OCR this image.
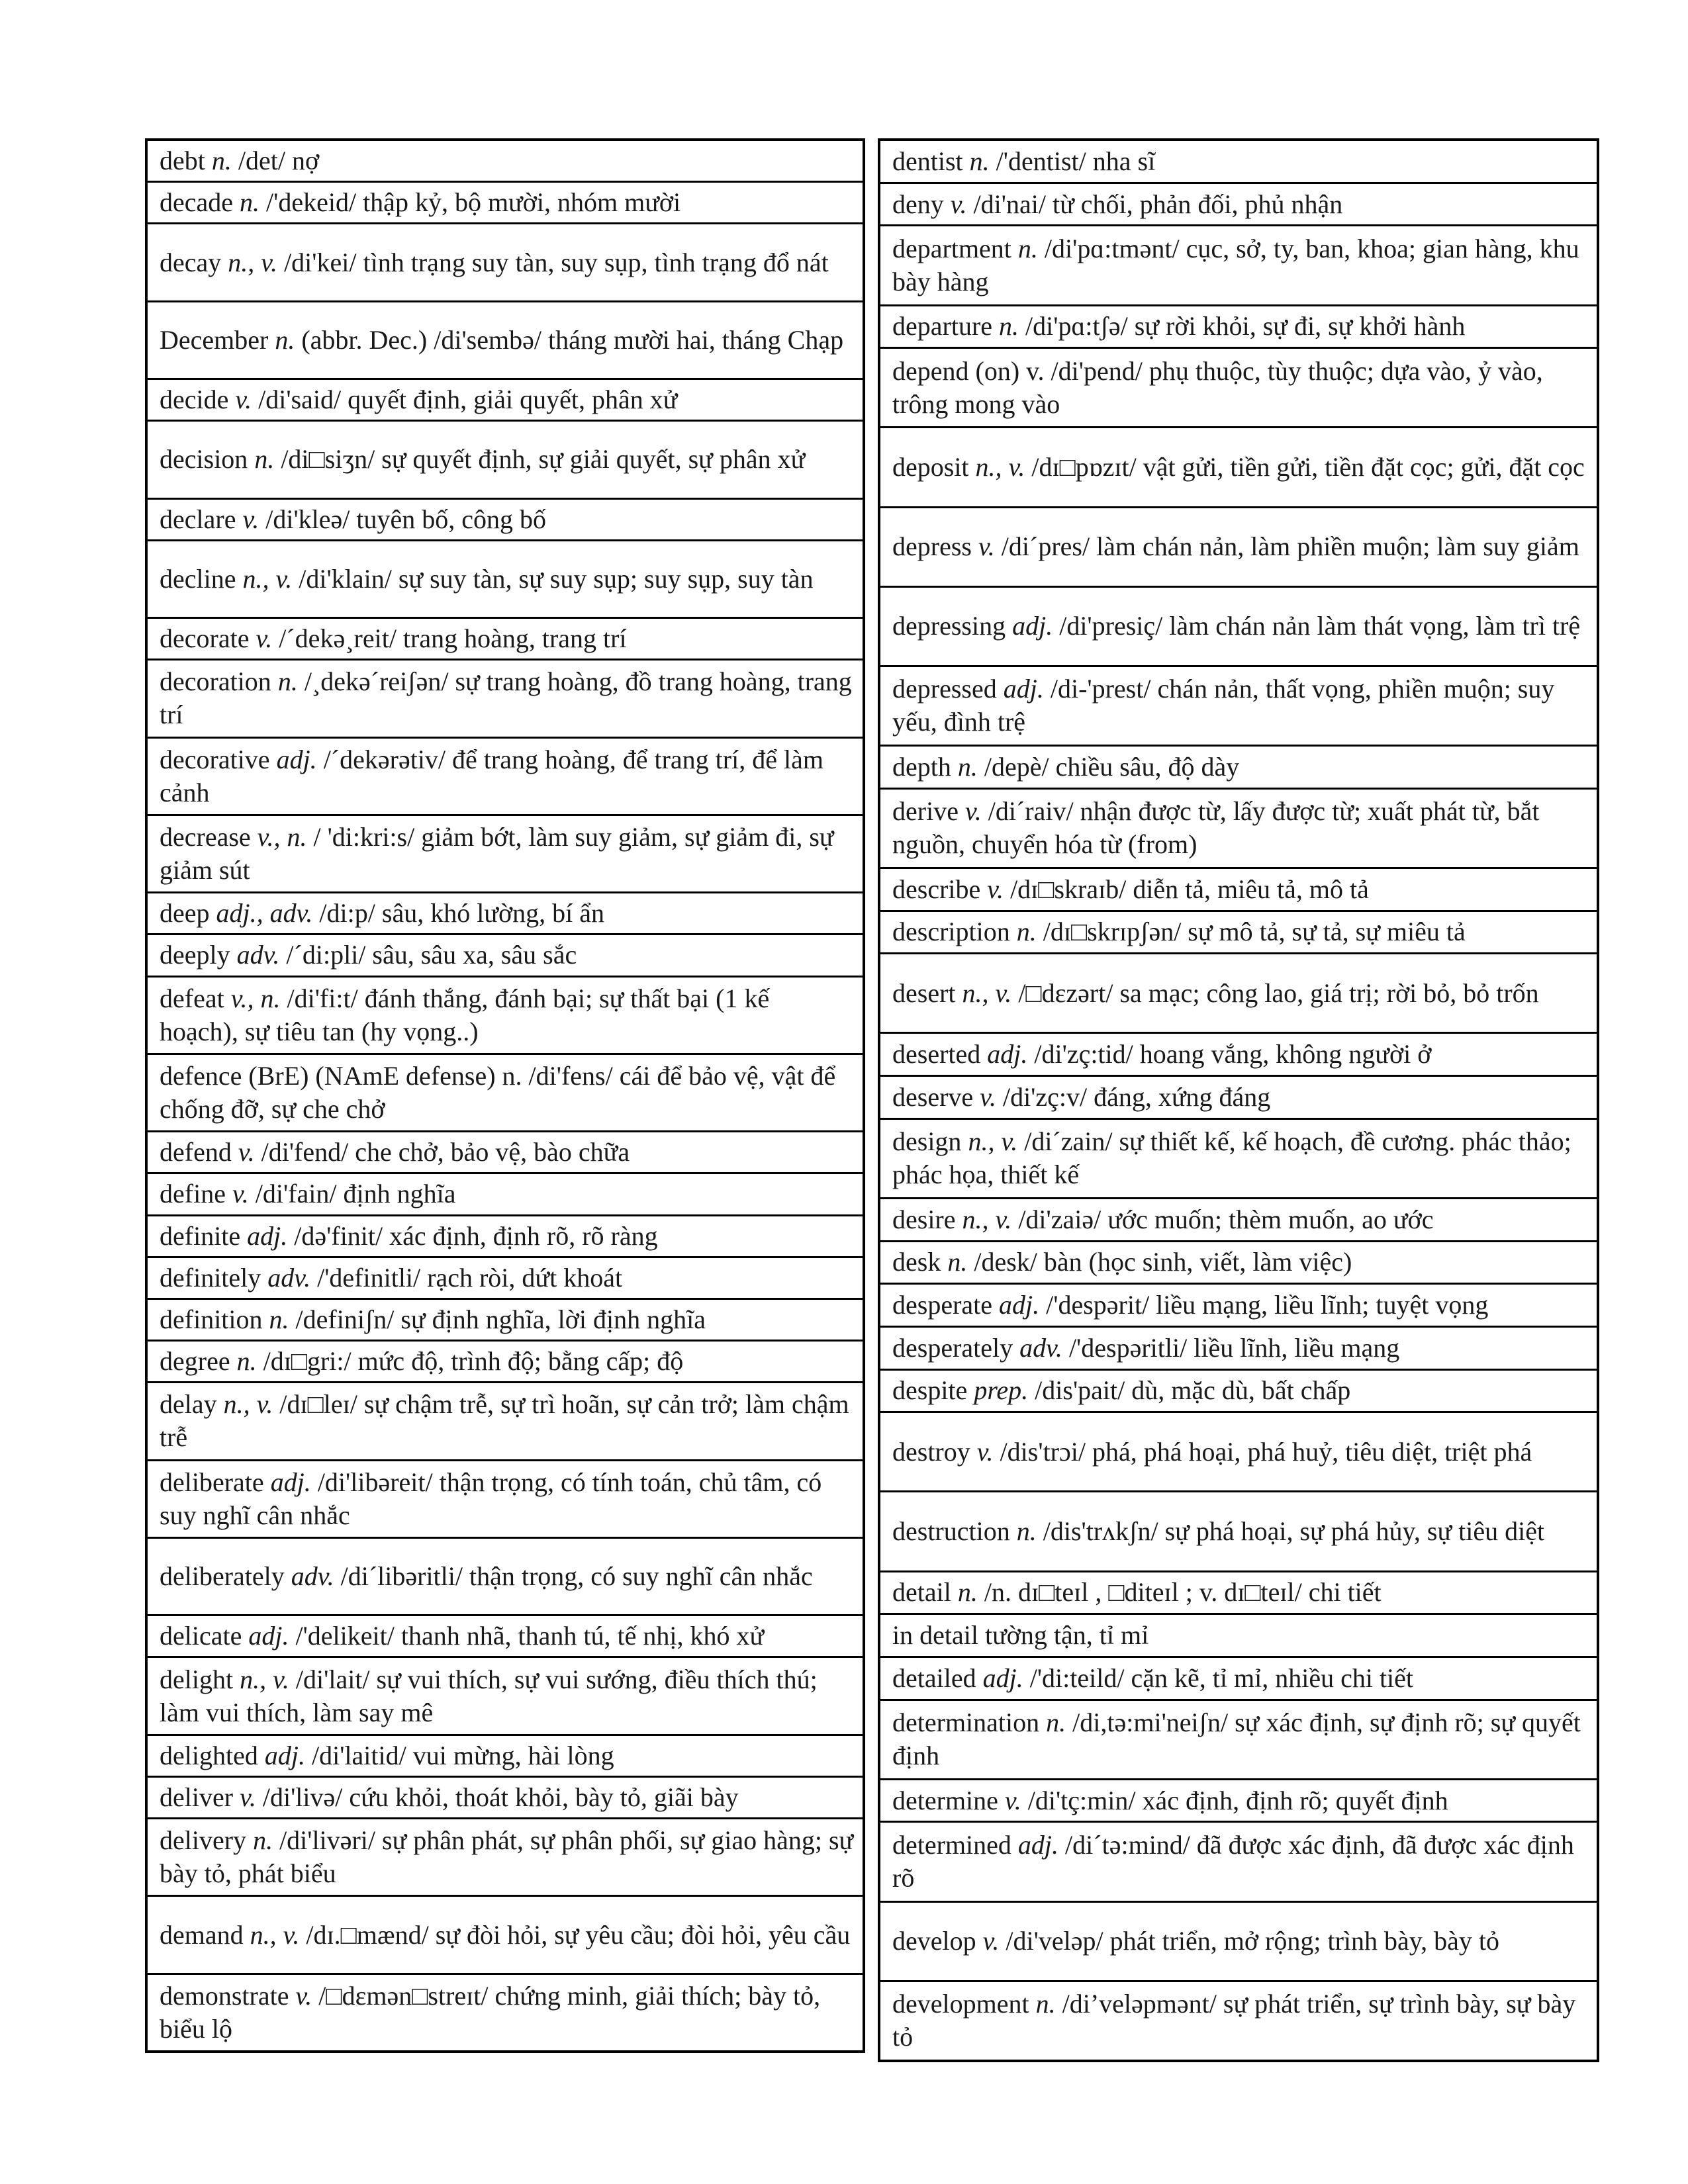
debt n. /det/ nợ
decade n. /'dekeid/ thập kỷ, bộ mười, nhóm mười
decay n., v. /di'kei/ tình trạng suy tàn, suy sụp, tình trạng đổ nát
December n. (abbr. Dec.) /di'sembə/ tháng mười hai, tháng Chạp
decide v. /di'said/ quyết định, giải quyết, phân xử
decision n. /di□siʒn/ sự quyết định, sự giải quyết, sự phân xử
declare v. /di'kleə/ tuyên bố, công bố
decline n., v. /di'klain/ sự suy tàn, sự suy sụp; suy sụp, suy tàn
decorate v. /´dekə¸reit/ trang hoàng, trang trí
decoration n. /¸dekə´reiʃən/ sự trang hoàng, đồ trang hoàng, trang trí
decorative adj. /´dekərətiv/ để trang hoàng, để trang trí, để làm cảnh
decrease v., n. / 'di:kri:s/ giảm bớt, làm suy giảm, sự giảm đi, sự giảm sút
deep adj., adv. /di:p/ sâu, khó lường, bí ẩn
deeply adv. /´di:pli/ sâu, sâu xa, sâu sắc
defeat v., n. /di'fi:t/ đánh thắng, đánh bại; sự thất bại (1 kế hoạch), sự tiêu tan (hy vọng..)
defence (BrE) (NAmE defense) n. /di'fens/ cái để bảo vệ, vật để chống đỡ, sự che chở
defend v. /di'fend/ che chở, bảo vệ, bào chữa
define v. /di'fain/ định nghĩa
definite adj. /də'finit/ xác định, định rõ, rõ ràng
definitely adv. /'definitli/ rạch ròi, dứt khoát
definition n. /definiʃn/ sự định nghĩa, lời định nghĩa
degree n. /dɪ□gri:/ mức độ, trình độ; bằng cấp; độ
delay n., v. /dɪ□leɪ/ sự chậm trễ, sự trì hoãn, sự cản trở; làm chậm trễ
deliberate adj. /di'libəreit/ thận trọng, có tính toán, chủ tâm, có suy nghĩ cân nhắc
deliberately adv. /di´libəritli/ thận trọng, có suy nghĩ cân nhắc
delicate adj. /'delikeit/ thanh nhã, thanh tú, tế nhị, khó xử
delight n., v. /di'lait/ sự vui thích, sự vui sướng, điều thích thú; làm vui thích, làm say mê
delighted adj. /di'laitid/ vui mừng, hài lòng
deliver v. /di'livə/ cứu khỏi, thoát khỏi, bày tỏ, giãi bày
delivery n. /di'livəri/ sự phân phát, sự phân phối, sự giao hàng; sự bày tỏ, phát biểu
demand n., v. /dɪ.□mænd/ sự đòi hỏi, sự yêu cầu; đòi hỏi, yêu cầu
demonstrate v. /□dɛmən□streɪt/ chứng minh, giải thích; bày tỏ, biểu lộ
dentist n. /'dentist/ nha sĩ
deny v. /di'nai/ từ chối, phản đối, phủ nhận
department n. /di'pɑ:tmənt/ cục, sở, ty, ban, khoa; gian hàng, khu bày hàng
departure n. /di'pɑ:tʃə/ sự rời khỏi, sự đi, sự khởi hành
depend (on) v. /di'pend/ phụ thuộc, tùy thuộc; dựa vào, ỷ vào, trông mong vào
deposit n., v. /dɪ□pɒzɪt/ vật gửi, tiền gửi, tiền đặt cọc; gửi, đặt cọc
depress v. /di´pres/ làm chán nản, làm phiền muộn; làm suy giảm
depressing adj. /di'presiç/ làm chán nản làm thát vọng, làm trì trệ
depressed adj. /di-'prest/ chán nản, thất vọng, phiền muộn; suy yếu, đình trệ
depth n. /depè/ chiều sâu, độ dày
derive v. /di´raiv/ nhận được từ, lấy được từ; xuất phát từ, bắt nguồn, chuyển hóa từ (from)
describe v. /dɪ□skraɪb/ diễn tả, miêu tả, mô tả
description n. /dɪ□skrɪpʃən/ sự mô tả, sự tả, sự miêu tả
desert n., v. /□dɛzərt/ sa mạc; công lao, giá trị; rời bỏ, bỏ trốn
deserted adj. /di'zç:tid/ hoang vắng, không người ở
deserve v. /di'zç:v/ đáng, xứng đáng
design n., v. /di´zain/ sự thiết kế, kế hoạch, đề cương. phác thảo; phác họa, thiết kế
desire n., v. /di'zaiə/ ước muốn; thèm muốn, ao ước
desk n. /desk/ bàn (học sinh, viết, làm việc)
desperate adj. /'despərit/ liều mạng, liều lĩnh; tuyệt vọng
desperately adv. /'despəritli/ liều lĩnh, liều mạng
despite prep. /dis'pait/ dù, mặc dù, bất chấp
destroy v. /dis'trɔi/ phá, phá hoại, phá huỷ, tiêu diệt, triệt phá
destruction n. /dis'trʌkʃn/ sự phá hoại, sự phá hủy, sự tiêu diệt
detail n. /n. dɪ□teɪl , □diteɪl ; v. dɪ□teɪl/ chi tiết
in detail tường tận, tỉ mỉ
detailed adj. /'di:teild/ cặn kẽ, tỉ mỉ, nhiều chi tiết
determination n. /di,tə:mi'neiʃn/ sự xác định, sự định rõ; sự quyết định
determine v. /di'tç:min/ xác định, định rõ; quyết định
determined adj. /di´tə:mind/ đã được xác định, đã được xác định rõ
develop v. /di'veləp/ phát triển, mở rộng; trình bày, bày tỏ
development n. /di’veləpmənt/ sự phát triển, sự trình bày, sự bày tỏ
